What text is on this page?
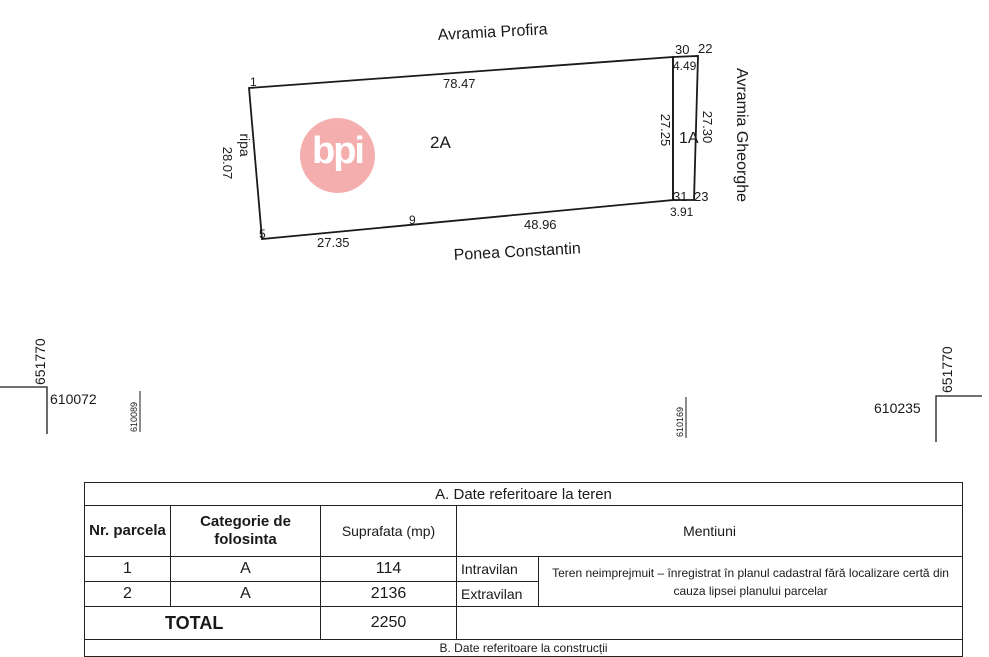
Avramia Profira
Ponea Constantin
Avramia Gheorghe
ripa	2A	1A
1
5
9
30 22
31 23
78.47
28.07
27.35
48.96
27.25 27.30
4.49
3.91
651770	651770
610072
610235
610089	610169
bpi
A. Date referitoare la teren				
Nr. parcela	Categorie de folosinta	Suprafata (mp)	Mentiuni	
1	A	114	Intravilan	Teren neimprejmuit – înregistrat în planul cadastral fără localizare certă din cauza lipsei planului parcelar
2	A	2136	Extravilan	
TOTAL		2250		
B. Date referitoare la construcții				
